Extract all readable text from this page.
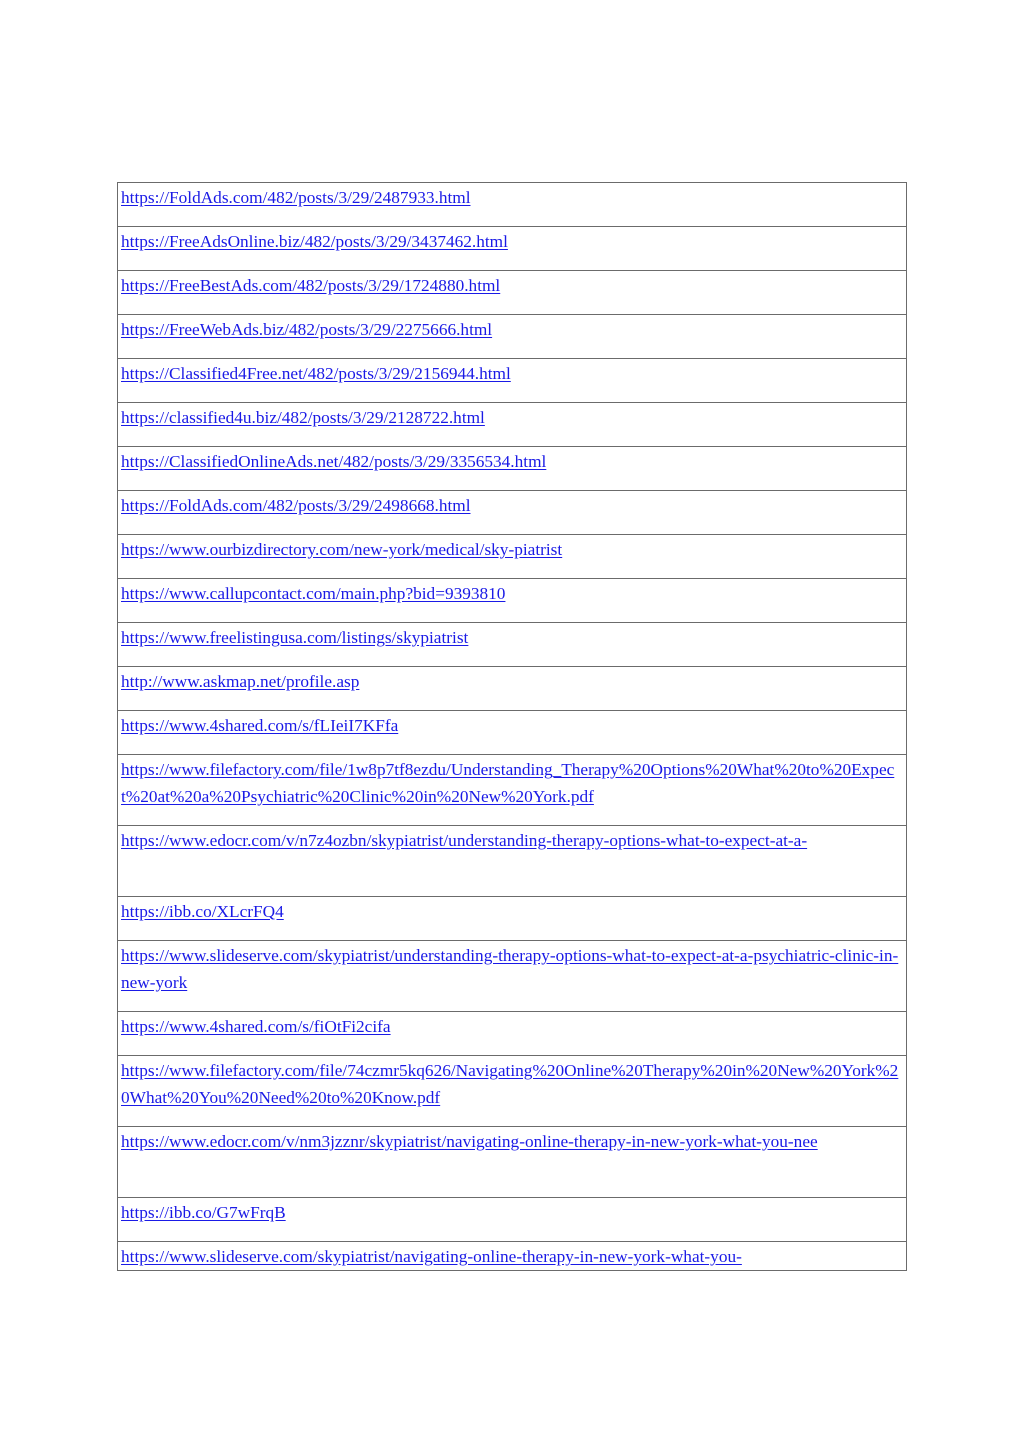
https://FoldAds.com/482/posts/3/29/2487933.html
https://FreeAdsOnline.biz/482/posts/3/29/3437462.html
https://FreeBestAds.com/482/posts/3/29/1724880.html
https://FreeWebAds.biz/482/posts/3/29/2275666.html
https://Classified4Free.net/482/posts/3/29/2156944.html
https://classified4u.biz/482/posts/3/29/2128722.html
https://ClassifiedOnlineAds.net/482/posts/3/29/3356534.html
https://FoldAds.com/482/posts/3/29/2498668.html
https://www.ourbizdirectory.com/new-york/medical/sky-piatrist
https://www.callupcontact.com/main.php?bid=9393810
https://www.freelistingusa.com/listings/skypiatrist
http://www.askmap.net/profile.asp
https://www.4shared.com/s/fLIeiI7KFfa
https://www.filefactory.com/file/1w8p7tf8ezdu/Understanding_Therapy%20Options%20What%20to%20Expect%20at%20a%20Psychiatric%20Clinic%20in%20New%20York.pdf
https://www.edocr.com/v/n7z4ozbn/skypiatrist/understanding-therapy-options-what-to-expect-at-a-
https://ibb.co/XLcrFQ4
https://www.slideserve.com/skypiatrist/understanding-therapy-options-what-to-expect-at-a-psychiatric-clinic-in-new-york
https://www.4shared.com/s/fiOtFi2cifa
https://www.filefactory.com/file/74czmr5kq626/Navigating%20Online%20Therapy%20in%20New%20York%20What%20You%20Need%20to%20Know.pdf
https://www.edocr.com/v/nm3jzznr/skypiatrist/navigating-online-therapy-in-new-york-what-you-nee
https://ibb.co/G7wFrqB
https://www.slideserve.com/skypiatrist/navigating-online-therapy-in-new-york-what-you-
